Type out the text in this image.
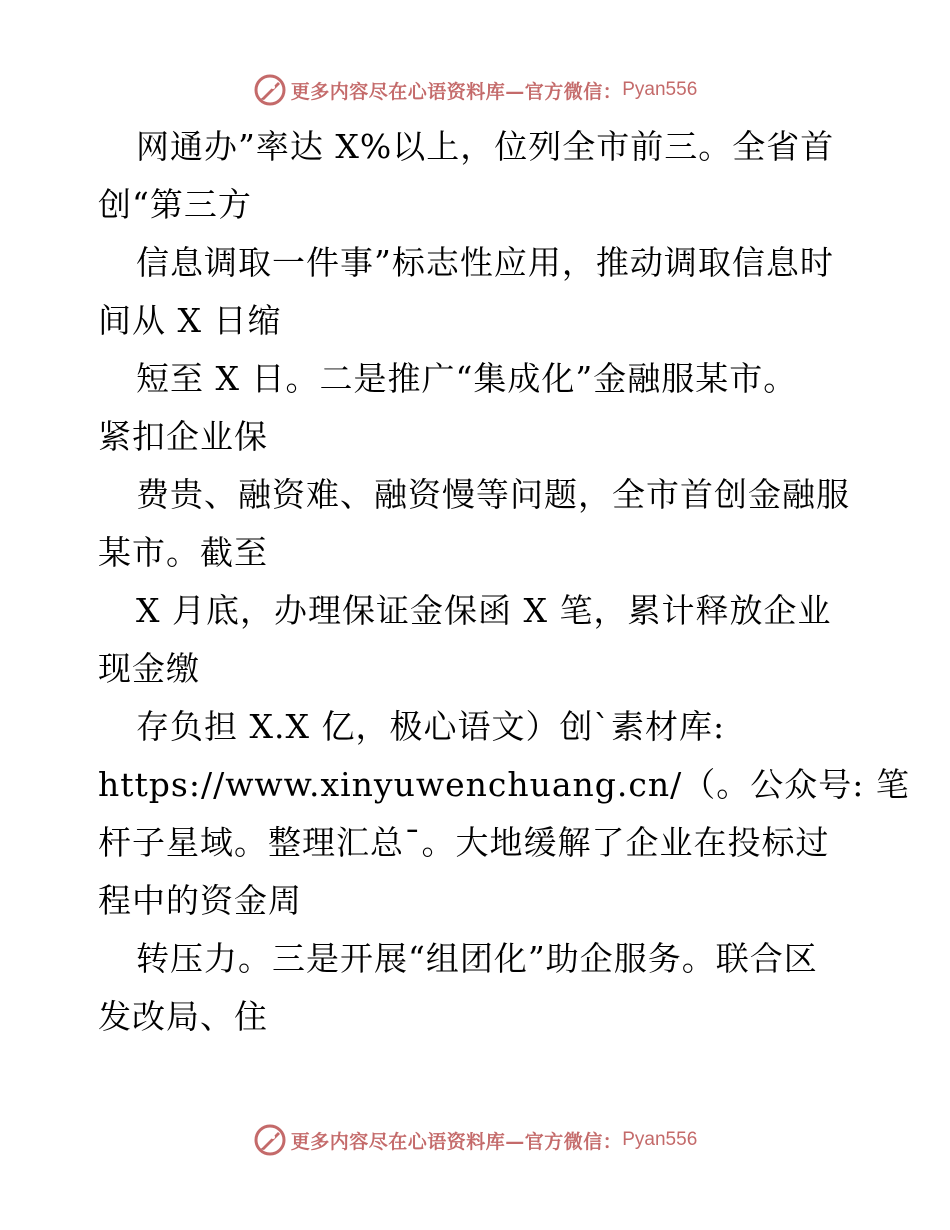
更多内容尽在心语资料库—官方微信： Pyan556
网通办”率达 X%以上，位列全市前三。全省首
创“第三方
信息调取一件事”标志性应用，推动调取信息时
间从 X 日缩
短至 X 日。二是推广“集成化”金融服某市。
紧扣企业保
费贵、融资难、融资慢等问题，全市首创金融服
某市。截至
X 月底，办理保证金保函 X 笔，累计释放企业
现金缴
存负担 X.X 亿，极心语文）创`素材库:
https://www.xinyuwenchuang.cn/（。公众号: 笔
杆子星域。整理汇总¯。大地缓解了企业在投标过
程中的资金周
转压力。三是开展“组团化”助企服务。联合区
发改局、住
更多内容尽在心语资料库—官方微信： Pyan556
